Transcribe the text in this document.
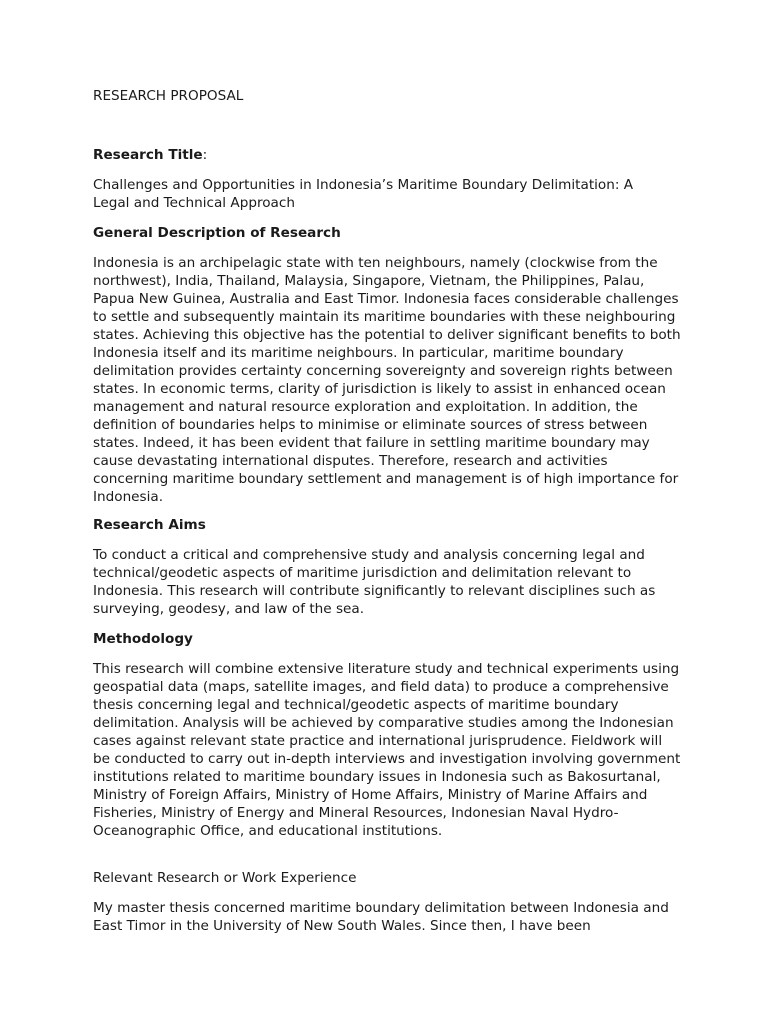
RESEARCH PROPOSAL
Research Title:
Challenges and Opportunities in Indonesia’s Maritime Boundary Delimitation: A Legal and Technical Approach
General Description of Research
Indonesia is an archipelagic state with ten neighbours, namely (clockwise from the northwest), India, Thailand, Malaysia, Singapore, Vietnam, the Philippines, Palau, Papua New Guinea, Australia and East Timor. Indonesia faces considerable challenges to settle and subsequently maintain its maritime boundaries with these neighbouring states. Achieving this objective has the potential to deliver significant benefits to both Indonesia itself and its maritime neighbours. In particular, maritime boundary delimitation provides certainty concerning sovereignty and sovereign rights between states. In economic terms, clarity of jurisdiction is likely to assist in enhanced ocean management and natural resource exploration and exploitation. In addition, the definition of boundaries helps to minimise or eliminate sources of stress between states. Indeed, it has been evident that failure in settling maritime boundary may cause devastating international disputes. Therefore, research and activities concerning maritime boundary settlement and management is of high importance for Indonesia.
Research Aims
To conduct a critical and comprehensive study and analysis concerning legal and technical/geodetic aspects of maritime jurisdiction and delimitation relevant to Indonesia. This research will contribute significantly to relevant disciplines such as surveying, geodesy, and law of the sea.
Methodology
This research will combine extensive literature study and technical experiments using geospatial data (maps, satellite images, and field data) to produce a comprehensive thesis concerning legal and technical/geodetic aspects of maritime boundary delimitation. Analysis will be achieved by comparative studies among the Indonesian cases against relevant state practice and international jurisprudence. Fieldwork will be conducted to carry out in-depth interviews and investigation involving government institutions related to maritime boundary issues in Indonesia such as Bakosurtanal, Ministry of Foreign Affairs, Ministry of Home Affairs, Ministry of Marine Affairs and Fisheries, Ministry of Energy and Mineral Resources, Indonesian Naval Hydro-Oceanographic Office, and educational institutions.
Relevant Research or Work Experience
My master thesis concerned maritime boundary delimitation between Indonesia and East Timor in the University of New South Wales. Since then, I have been
